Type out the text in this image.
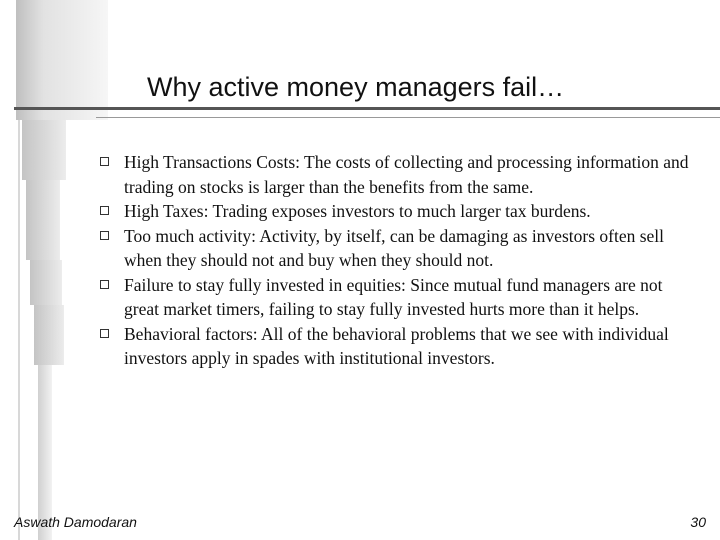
Why active money managers fail…
High Transactions Costs: The costs of collecting and processing information and trading on stocks is larger than the benefits from the same.
High Taxes: Trading exposes investors to much larger tax burdens.
Too much activity: Activity, by itself, can be damaging as investors often sell when they should not and buy when they should not.
Failure to stay fully invested in equities: Since mutual fund managers are not great market timers, failing to stay fully invested hurts more than it helps.
Behavioral factors: All of the behavioral problems that we see with individual investors apply in spades with institutional investors.
Aswath Damodaran	30
